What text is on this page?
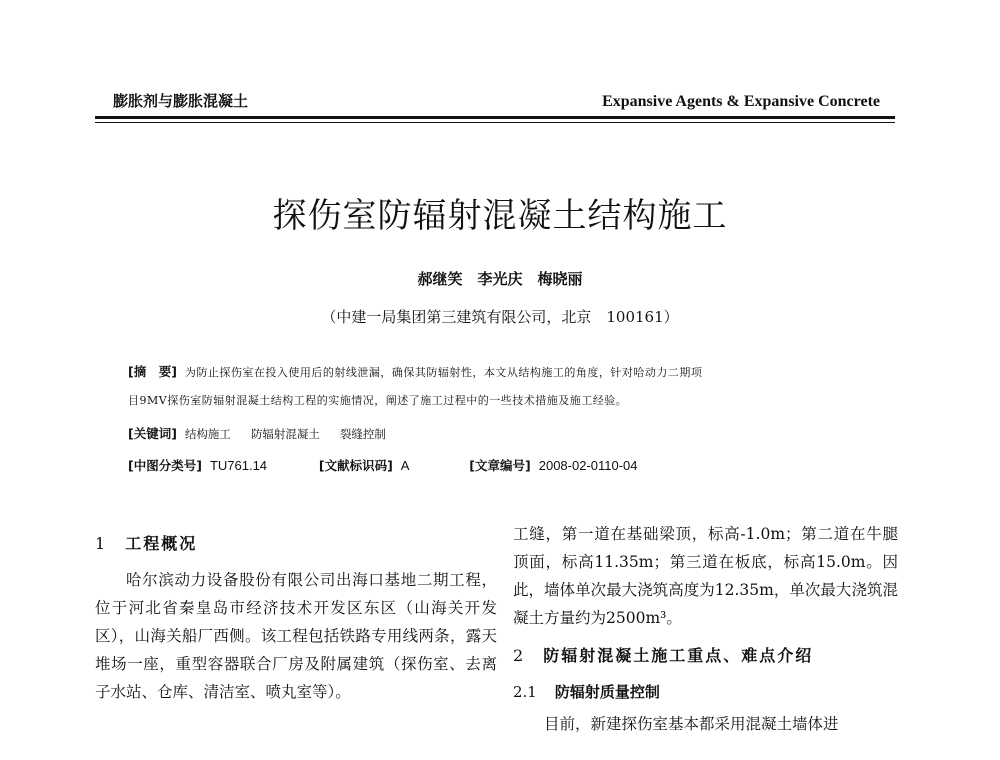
膨胀剂与膨胀混凝土	Expansive Agents & Expansive Concrete
探伤室防辐射混凝土结构施工
郝继笑　李光庆　梅晓丽
（中建一局集团第三建筑有限公司，北京　100161）
[摘　要] 为防止探伤室在投入使用后的射线泄漏，确保其防辐射性，本文从结构施工的角度，针对哈动力二期项
目9MV探伤室防辐射混凝土结构工程的实施情况，阐述了施工过程中的一些技术措施及施工经验。
[关键词] 结构施工 防辐射混凝土 裂缝控制
[中图分类号] TU761.14	[文献标识码] A	[文章编号] 2008-02-0110-04
1 工程概况

哈尔滨动力设备股份有限公司出海口基地二期工程，位于河北省秦皇岛市经济技术开发区东区（山海关开发区），山海关船厂西侧。该工程包括铁路专用线两条，露天堆场一座，重型容器联合厂房及附属建筑（探伤室、去离子水站、仓库、清洁室、喷丸室等）。

工缝，第一道在基础梁顶，标高-1.0m；第二道在牛腿顶面，标高11.35m；第三道在板底，标高15.0m。因此，墙体单次最大浇筑高度为12.35m，单次最大浇筑混凝土方量约为2500m³。

2 防辐射混凝土施工重点、难点介绍
2.1 防辐射质量控制

目前，新建探伤室基本都采用混凝土墙体进
